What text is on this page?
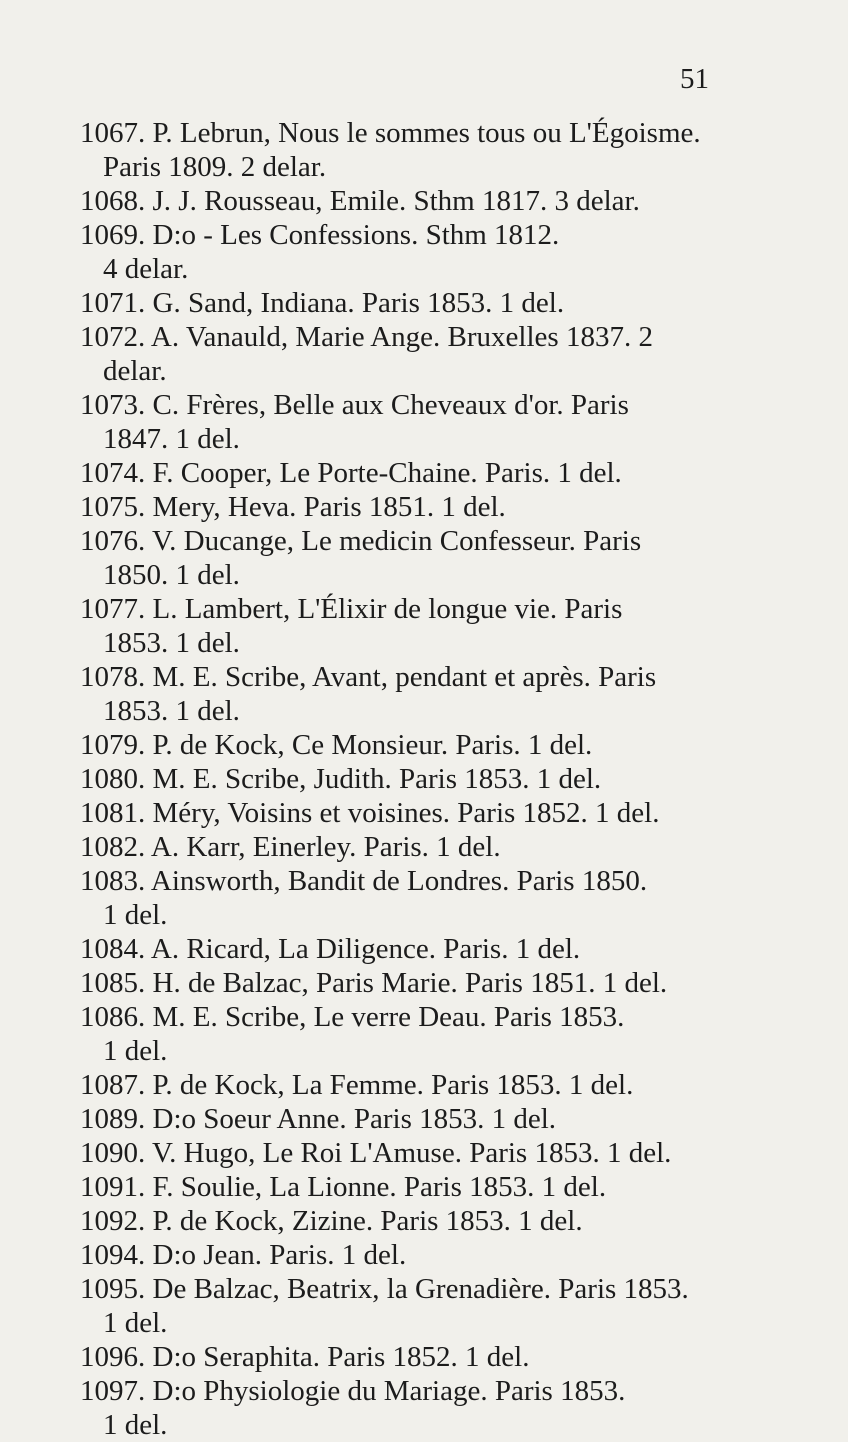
51

1067. P. Lebrun, Nous le sommes tous ou L'Égoisme.
Paris 1809. 2 delar.

1068. J. J. Rousseau, Emile. Sthm 1817. 3 delar.

1069. D:o - Les Confessions. Sthm 1812.
4 delar.

1071. G. Sand, Indiana. Paris 1853. 1 del.

1072. A. Vanauld, Marie Ange. Bruxelles 1837. 2
delar.

1073. C. Frères, Belle aux Cheveaux d'or. Paris
1847. 1 del.

1074. F. Cooper, Le Porte-Chaine. Paris. 1 del.

1075. Mery, Heva. Paris 1851. 1 del.

1076. V. Ducange, Le medicin Confesseur. Paris
1850. 1 del.

1077. L. Lambert, L'Élixir de longue vie. Paris
1853. 1 del.

1078. M. E. Scribe, Avant, pendant et après. Paris
1853. 1 del.

1079. P. de Kock, Ce Monsieur. Paris. 1 del.

1080. M. E. Scribe, Judith. Paris 1853. 1 del.

1081. Méry, Voisins et voisines. Paris 1852. 1 del.

1082. A. Karr, Einerley. Paris. 1 del.

1083. Ainsworth, Bandit de Londres. Paris 1850.
1 del.

1084. A. Ricard, La Diligence. Paris. 1 del.

1085. H. de Balzac, Paris Marie. Paris 1851. 1 del.

1086. M. E. Scribe, Le verre Deau. Paris 1853.
1 del.

1087. P. de Kock, La Femme. Paris 1853. 1 del.

1089. D:o Soeur Anne. Paris 1853. 1 del.

1090. V. Hugo, Le Roi L'Amuse. Paris 1853. 1 del.

1091. F. Soulie, La Lionne. Paris 1853. 1 del.

1092. P. de Kock, Zizine. Paris 1853. 1 del.

1094. D:o Jean. Paris. 1 del.

1095. De Balzac, Beatrix, la Grenadière. Paris 1853.
1 del.

1096. D:o Seraphita. Paris 1852. 1 del.

1097. D:o Physiologie du Mariage. Paris 1853.
1 del.
